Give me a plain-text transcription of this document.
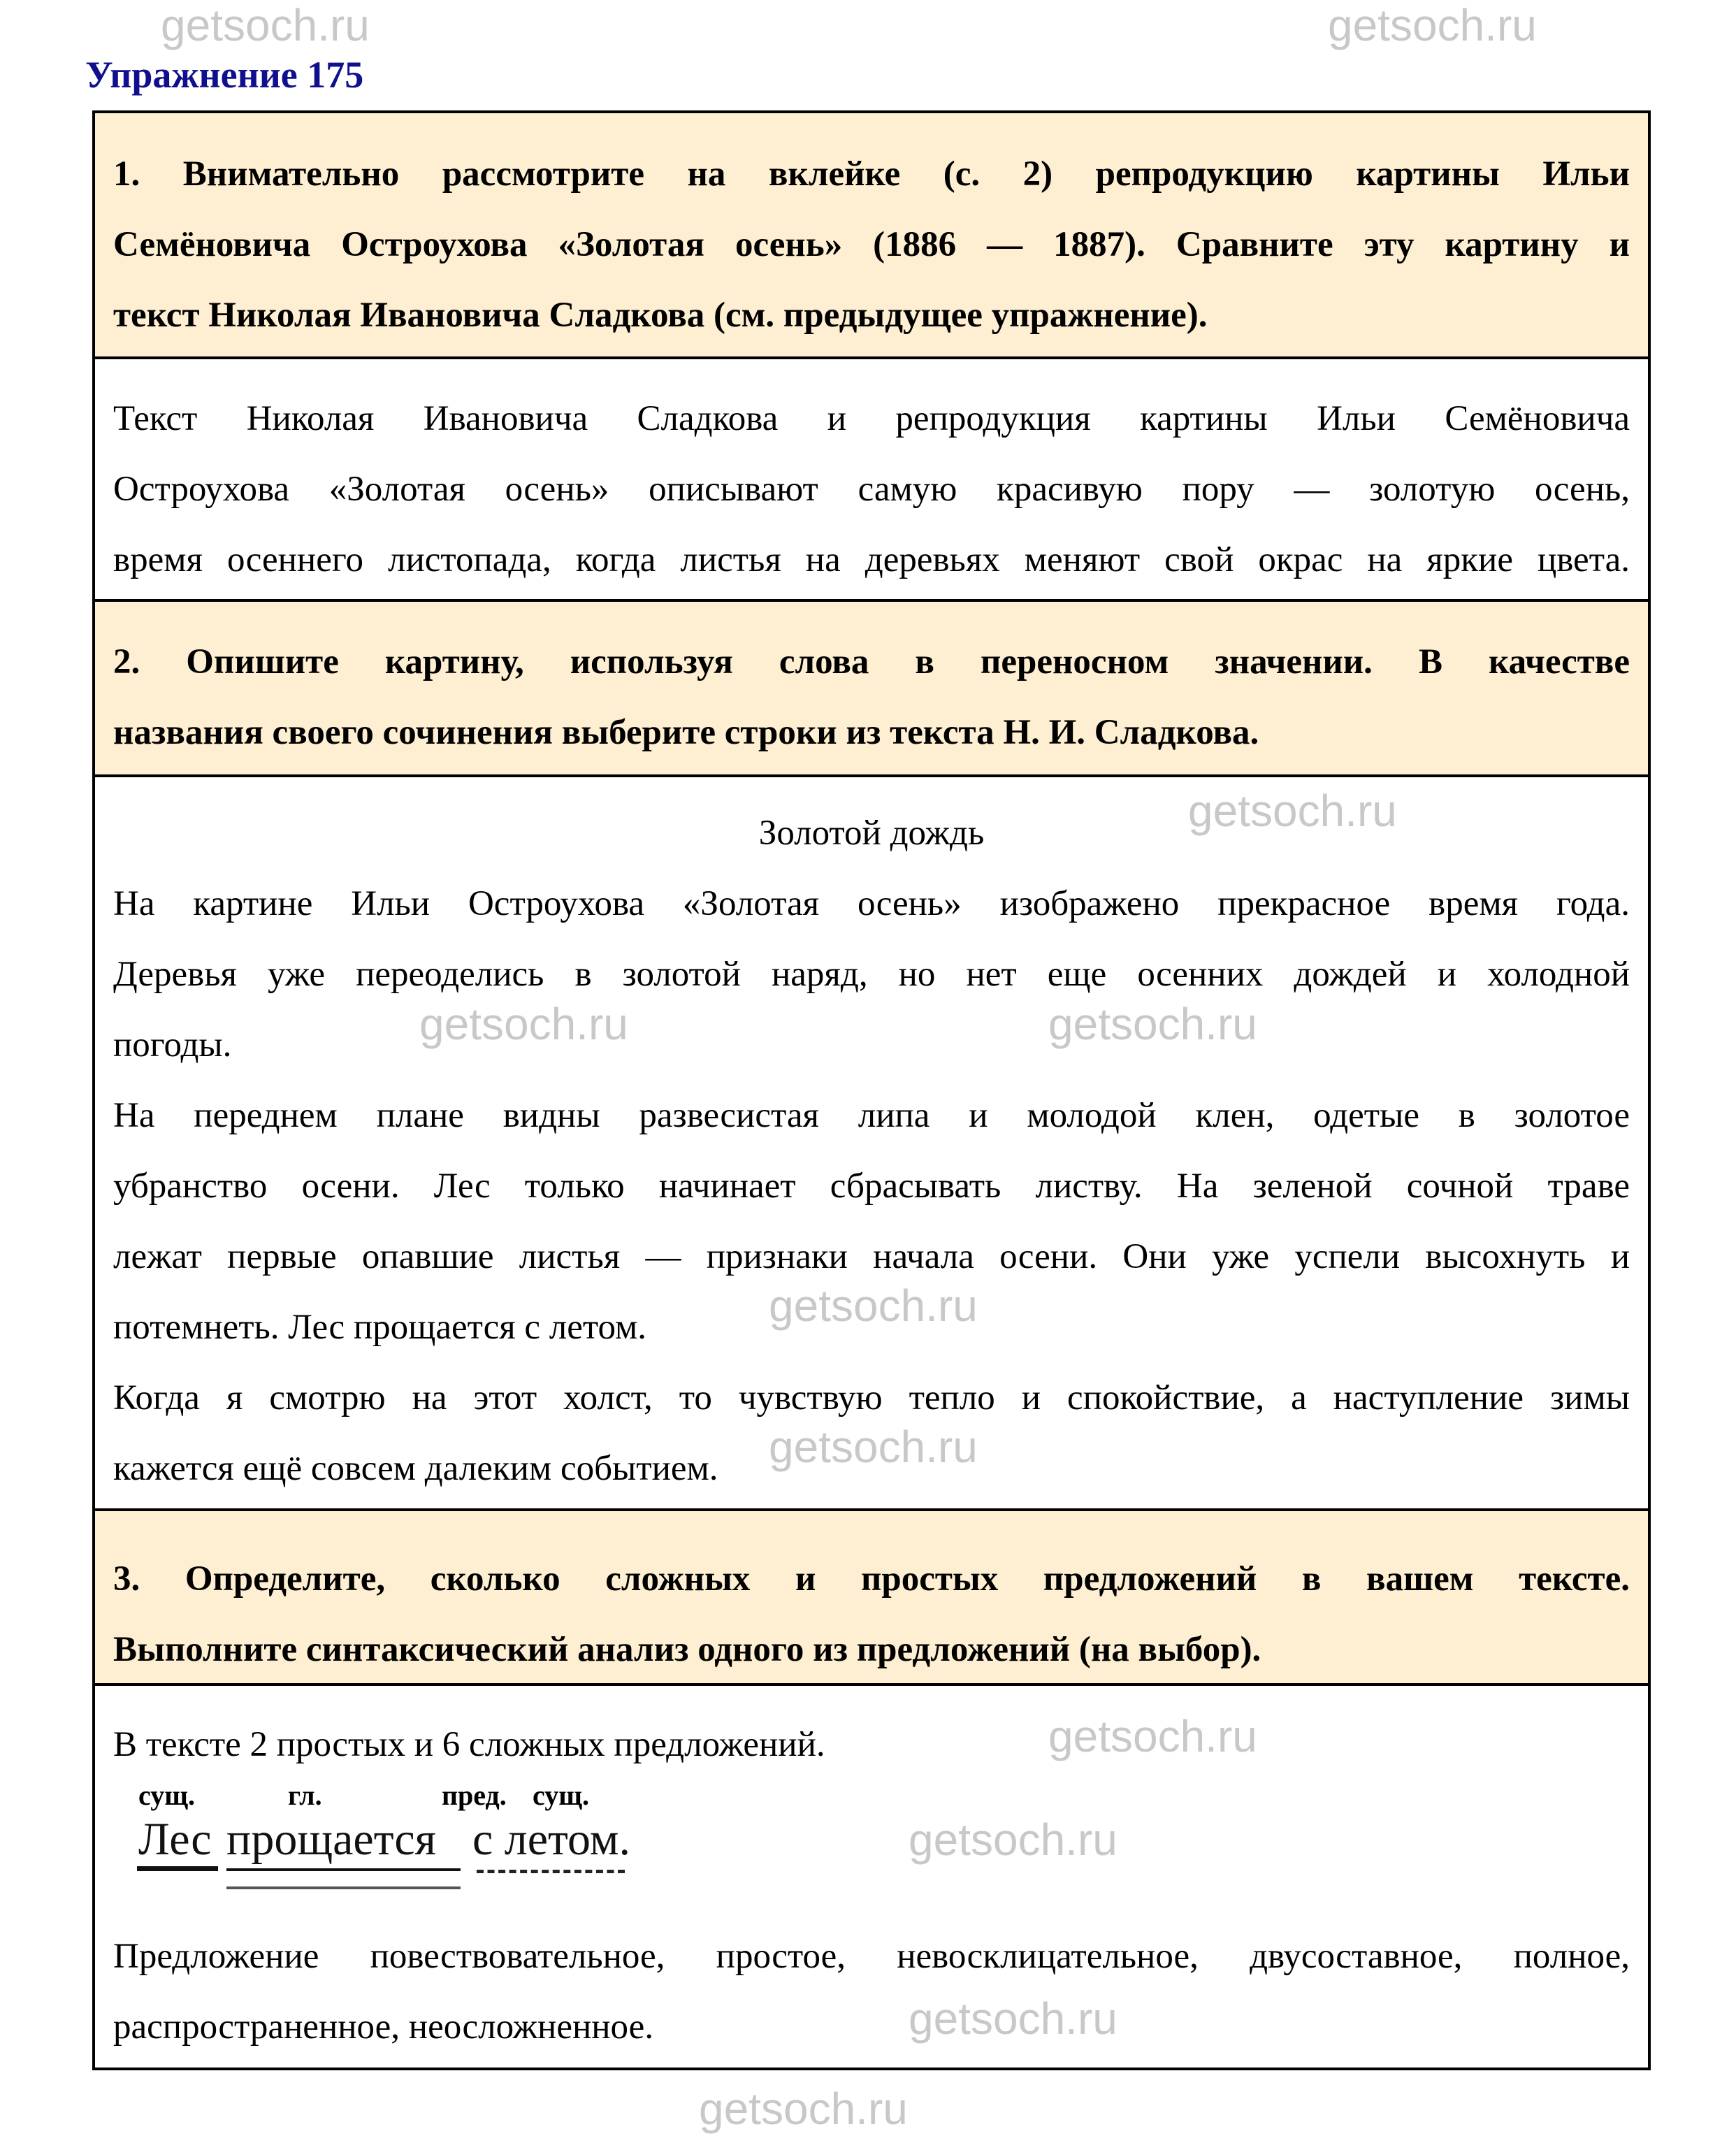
Упражнение 175
1. Внимательно рассмотрите на вклейке (с. 2) репродукцию картины Ильи
Семёновича Остроухова «Золотая осень» (1886 — 1887). Сравните эту картину и
текст Николая Ивановича Сладкова (см. предыдущее упражнение).
Текст Николая Ивановича Сладкова и репродукция картины Ильи Семёновича
Остроухова «Золотая осень» описывают самую красивую пору — золотую осень,
время осеннего листопада, когда листья на деревьях меняют свой окрас на яркие цвета.
2. Опишите картину, используя слова в переносном значении. В качестве
названия своего сочинения выберите строки из текста Н. И. Сладкова.
Золотой дождь
На картине Ильи Остроухова «Золотая осень» изображено прекрасное время года.
Деревья уже переоделись в золотой наряд, но нет еще осенних дождей и холодной
погоды.
На переднем плане видны развесистая липа и молодой клен, одетые в золотое
убранство осени. Лес только начинает сбрасывать листву. На зеленой сочной траве
лежат первые опавшие листья — признаки начала осени. Они уже успели высохнуть и
потемнеть. Лес прощается с летом.
Когда я смотрю на этот холст, то чувствую тепло и спокойствие, а наступление зимы
кажется ещё совсем далеким событием.
3. Определите, сколько сложных и простых предложений в вашем тексте.
Выполните синтаксический анализ одного из предложений (на выбор).
В тексте 2 простых и 6 сложных предложений.
сущ.	гл.	пред. сущ.
Лес прощается с летом.
Предложение повествовательное, простое, невосклицательное, двусоставное, полное,
распространенное, неосложненное.
getsoch.ru	getsoch.ru
getsoch.ru
getsoch.ru	getsoch.ru
getsoch.ru
getsoch.ru
getsoch.ru
getsoch.ru
getsoch.ru
getsoch.ru
